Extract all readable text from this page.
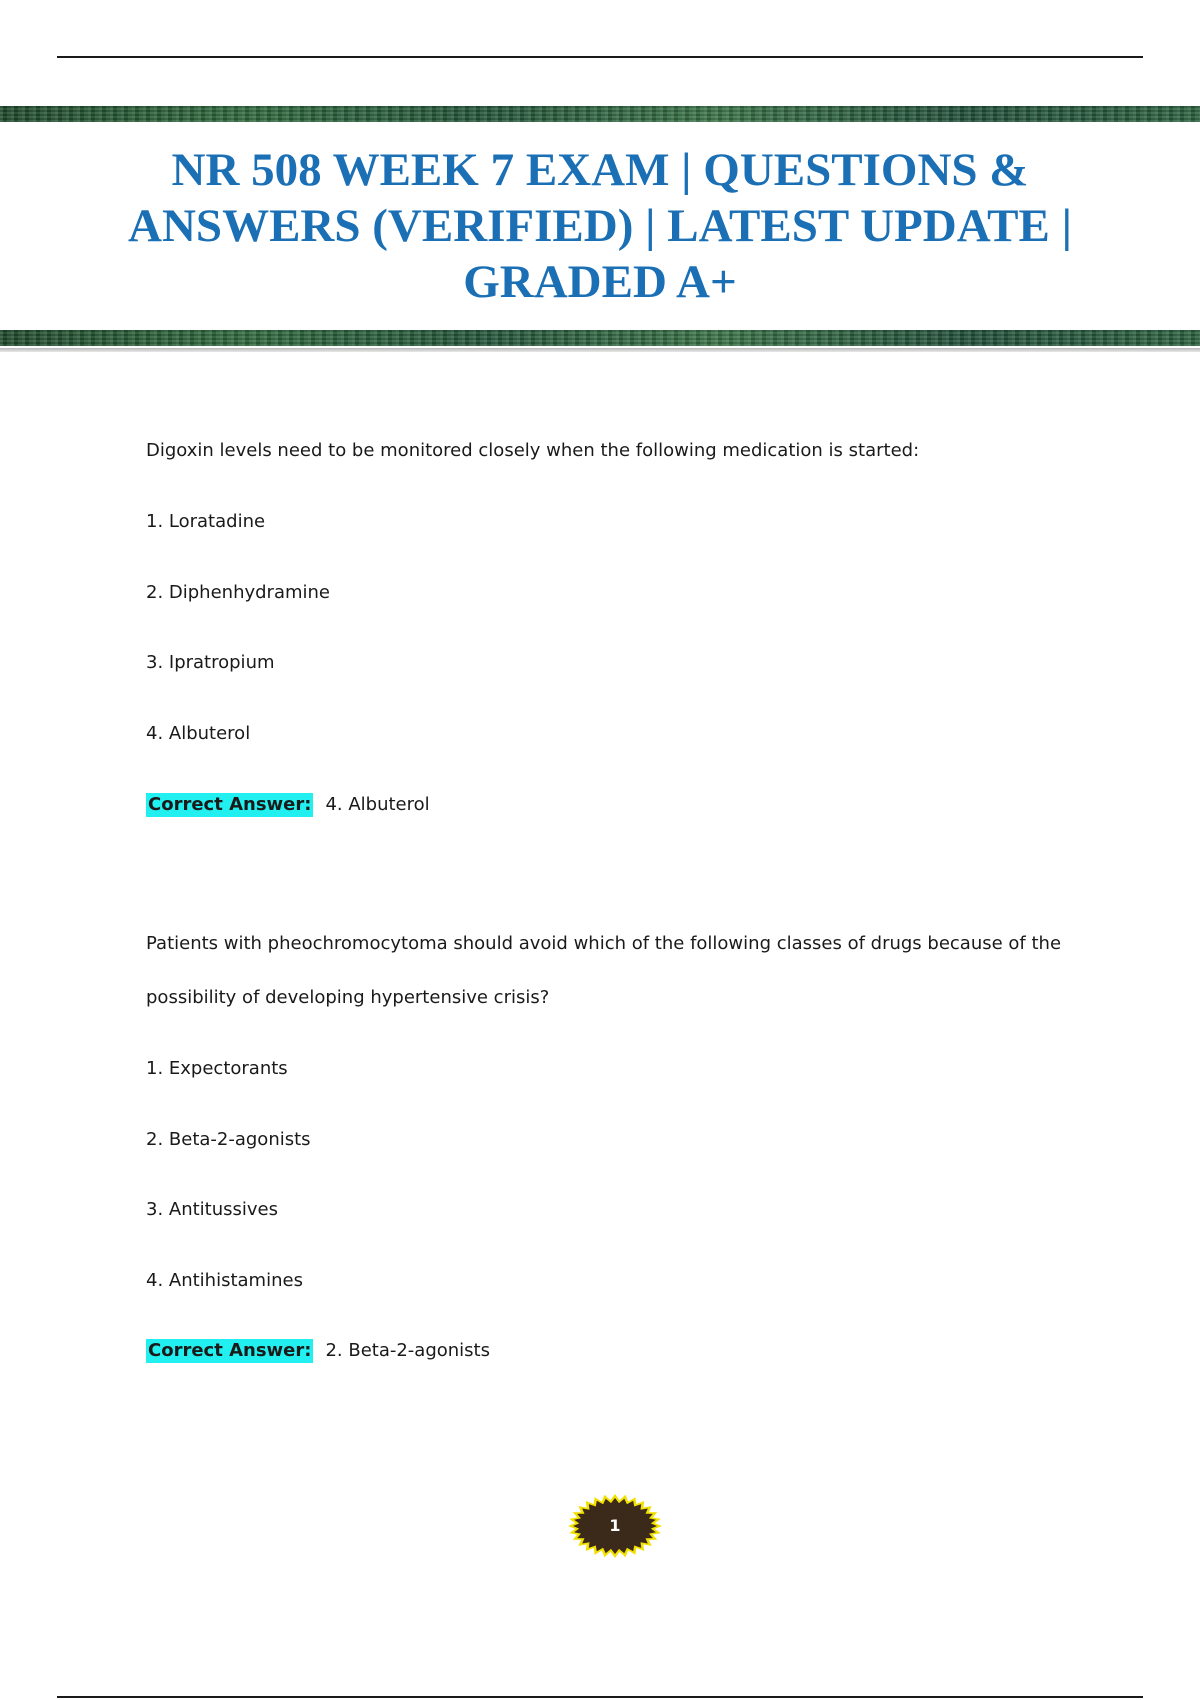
NR 508 WEEK 7 EXAM | QUESTIONS & ANSWERS (VERIFIED) | LATEST UPDATE | GRADED A+
Digoxin levels need to be monitored closely when the following medication is started:
1. Loratadine
2. Diphenhydramine
3. Ipratropium
4. Albuterol
Correct Answer: 4. Albuterol
Patients with pheochromocytoma should avoid which of the following classes of drugs because of the
possibility of developing hypertensive crisis?
1. Expectorants
2. Beta-2-agonists
3. Antitussives
4. Antihistamines
Correct Answer: 2. Beta-2-agonists
1
